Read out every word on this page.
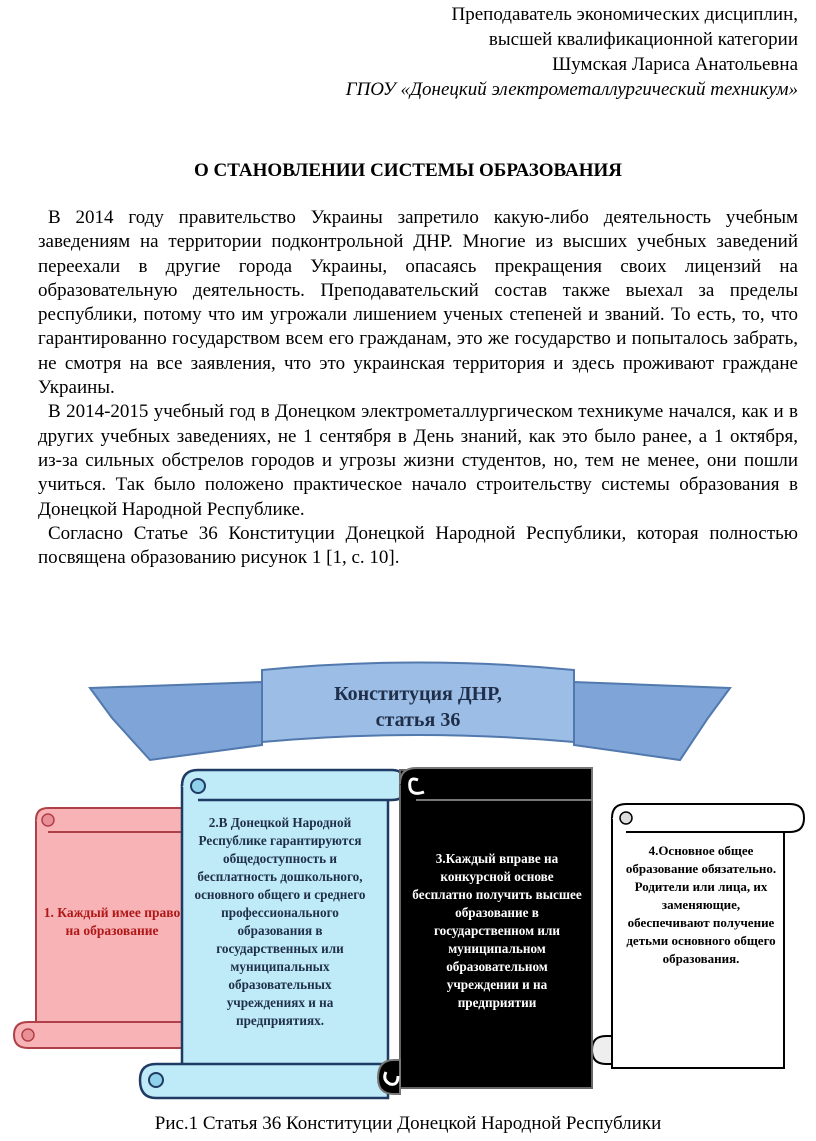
Преподаватель экономических дисциплин,
высшей квалификационной категории
Шумская Лариса Анатольевна
ГПОУ «Донецкий электрометаллургический техникум»
О СТАНОВЛЕНИИ СИСТЕМЫ ОБРАЗОВАНИЯ

В 2014 году правительство Украины запретило какую-либо деятельность учебным заведениям на территории подконтрольной ДНР. Многие из высших учебных заведений переехали в другие города Украины, опасаясь прекращения своих лицензий на образовательную деятельность. Преподавательский состав также выехал за пределы республики, потому что им угрожали лишением ученых степеней и званий. То есть, то, что гарантированно государством всем его гражданам, это же государство и попыталось забрать, не смотря на все заявления, что это украинская территория и здесь проживают граждане Украины.

В 2014-2015 учебный год в Донецком электрометаллургическом техникуме начался, как и в других учебных заведениях, не 1 сентября в День знаний, как это было ранее, а 1 октября, из-за сильных обстрелов городов и угрозы жизни студентов, но, тем не менее, они пошли учиться. Так было положено практическое начало строительству системы образования в Донецкой Народной Республике.

Согласно Статье 36 Конституции Донецкой Народной Республики, которая полностью посвящена образованию рисунок 1 [1, с. 10].

Конституция ДНР,
статья 36
1. Каждый имее право на образование
2.В Донецкой Народной Республике гарантируются общедоступность и бесплатность дошкольного, основного общего и среднего профессионального образования в государственных или муниципальных образовательных учреждениях и на предприятиях.
3.Каждый вправе на конкурсной основе бесплатно получить высшее образование в государственном или муниципальном образовательном учреждении и на предприятии
4.Основное общее образование обязательно. Родители или лица, их заменяющие, обеспечивают получение детьми основного общего образования.
Рис.1 Статья 36 Конституции Донецкой Народной Республики
